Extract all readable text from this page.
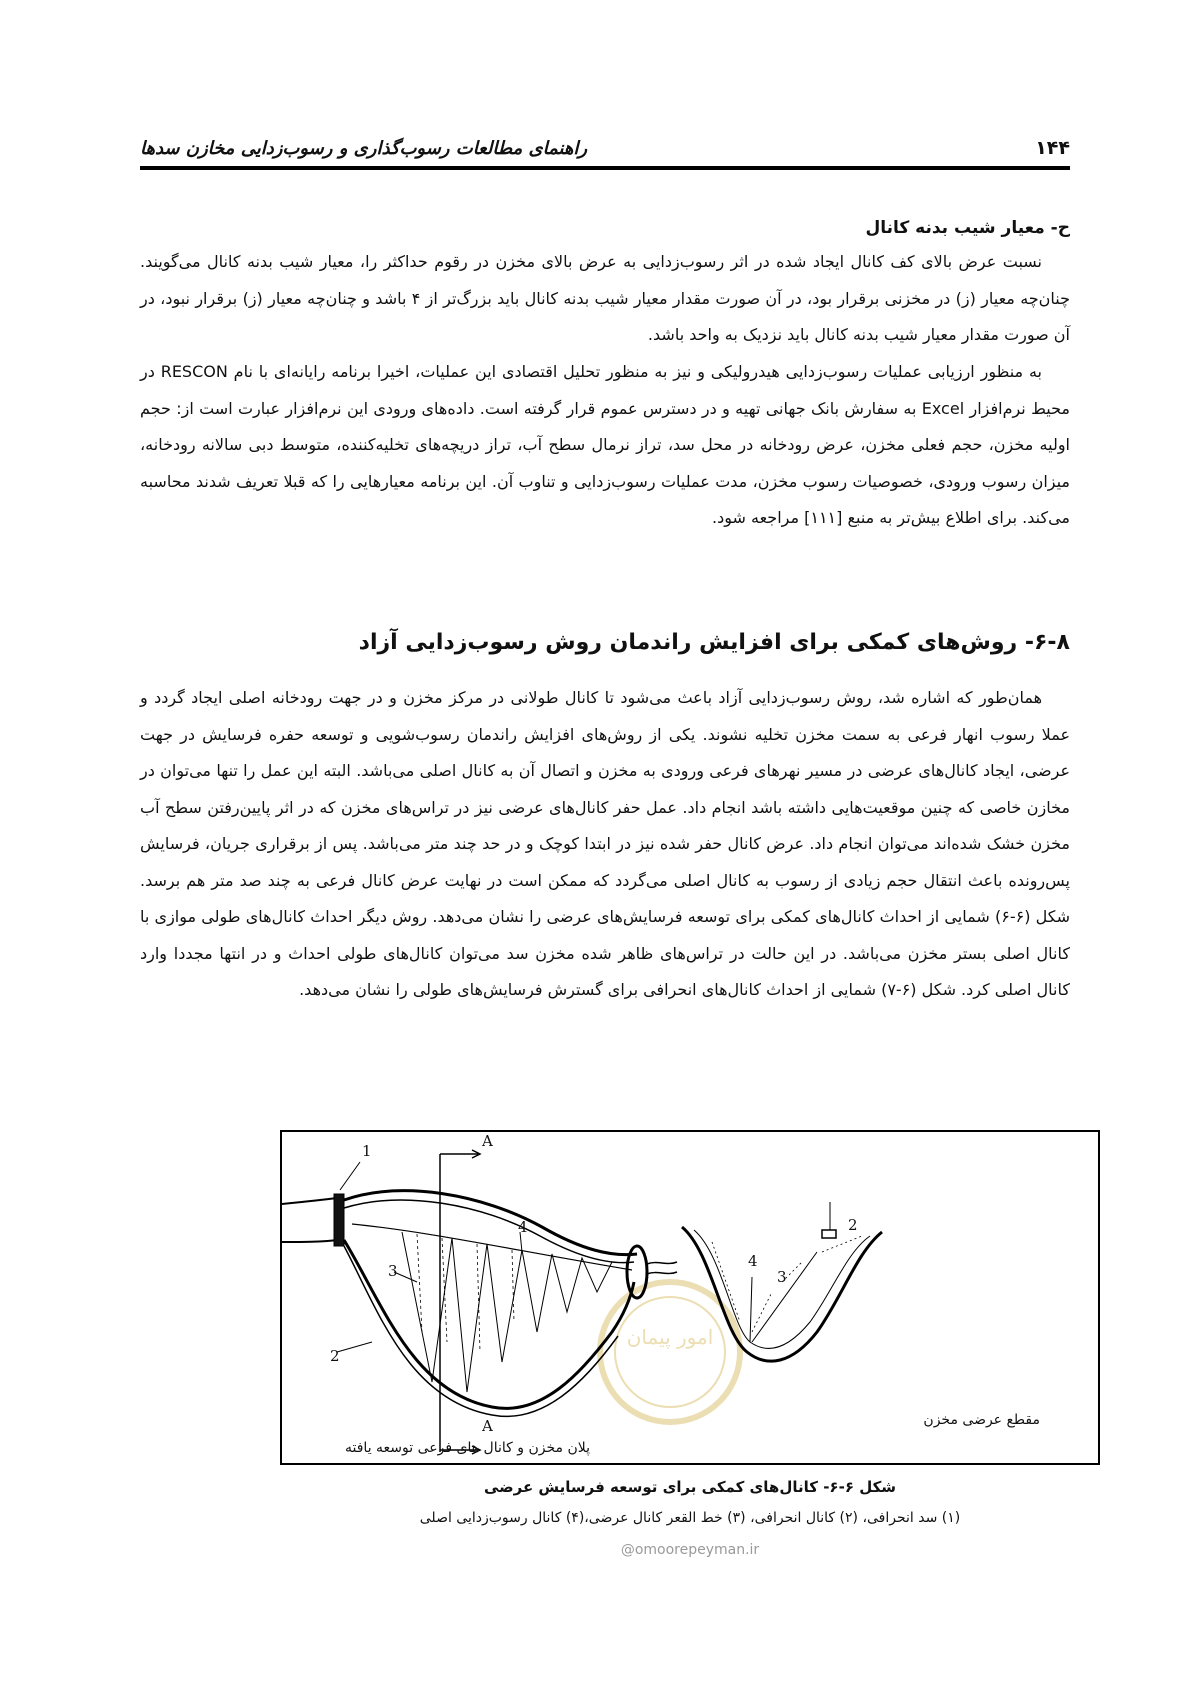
۱۴۴
راهنمای مطالعات رسوب‌گذاری و رسوب‌زدایی مخازن سدها
ح- معیار شیب بدنه کانال
نسبت عرض بالای کف کانال ایجاد شده در اثر رسوب‌زدایی به عرض بالای مخزن در رقوم حداکثر را، معیار شیب بدنه کانال می‌گویند. چنان‌چه معیار (ز) در مخزنی برقرار بود، در آن صورت مقدار معیار شیب بدنه کانال باید بزرگ‌تر از ۴ باشد و چنان‌چه معیار (ز) برقرار نبود، در آن صورت مقدار معیار شیب بدنه کانال باید نزدیک به واحد باشد.
به منظور ارزیابی عملیات رسوب‌زدایی هیدرولیکی و نیز به منظور تحلیل اقتصادی این عملیات، اخیرا برنامه رایانه‌ای با نام RESCON در محیط نرم‌افزار Excel به سفارش بانک جهانی تهیه و در دسترس عموم قرار گرفته است. داده‌های ورودی این نرم‌افزار عبارت است از: حجم اولیه مخزن، حجم فعلی مخزن، عرض رودخانه در محل سد، تراز نرمال سطح آب، تراز دریچه‌های تخلیه‌کننده، متوسط دبی سالانه رودخانه، میزان رسوب ورودی، خصوصیات رسوب مخزن، مدت عملیات رسوب‌زدایی و تناوب آن. این برنامه معیارهایی را که قبلا تعریف شدند محاسبه می‌کند. برای اطلاع بیش‌تر به منبع [۱۱۱] مراجعه شود.
۶-۸- روش‌های کمکی برای افزایش راندمان روش رسوب‌زدایی آزاد
همان‌طور که اشاره شد، روش رسوب‌زدایی آزاد باعث می‌شود تا کانال طولانی در مرکز مخزن و در جهت رودخانه اصلی ایجاد گردد و عملا رسوب انهار فرعی به سمت مخزن تخلیه نشوند. یکی از روش‌های افزایش راندمان رسوب‌شویی و توسعه حفره فرسایش در جهت عرضی، ایجاد کانال‌های عرضی در مسیر نهرهای فرعی ورودی به مخزن و اتصال آن به کانال اصلی می‌باشد. البته این عمل را تنها می‌توان در مخازن خاصی که چنین موقعیت‌هایی داشته باشد انجام داد. عمل حفر کانال‌های عرضی نیز در تراس‌های مخزن که در اثر پایین‌رفتن سطح آب مخزن خشک شده‌اند می‌توان انجام داد. عرض کانال حفر شده نیز در ابتدا کوچک و در حد چند متر می‌باشد. پس از برقراری جریان، فرسایش پس‌رونده باعث انتقال حجم زیادی از رسوب به کانال اصلی می‌گردد که ممکن است در نهایت عرض کانال فرعی به چند صد متر هم برسد. شکل (۶-۶) شمایی از احداث کانال‌های کمکی برای توسعه فرسایش‌های عرضی را نشان می‌دهد. روش دیگر احداث کانال‌های طولی موازی با کانال اصلی بستر مخزن می‌باشد. در این حالت در تراس‌های ظاهر شده مخزن سد می‌توان کانال‌های طولی احداث و در انتها مجددا وارد کانال اصلی کرد. شکل (۶-۷) شمایی از احداث کانال‌های انحرافی برای گسترش فرسایش‌های طولی را نشان می‌دهد.
امور پیمان
1
A
4
3
2
A
4
3
2
پلان مخزن و کانال های فرعی توسعه یافته
مقطع عرضی مخزن
شکل ۶-۶- کانال‌های کمکی برای توسعه فرسایش عرضی
(۱) سد انحرافی، (۲) کانال انحرافی، (۳) خط القعر کانال عرضی،(۴) کانال رسوب‌زدایی اصلی
@omoorepeyman.ir
